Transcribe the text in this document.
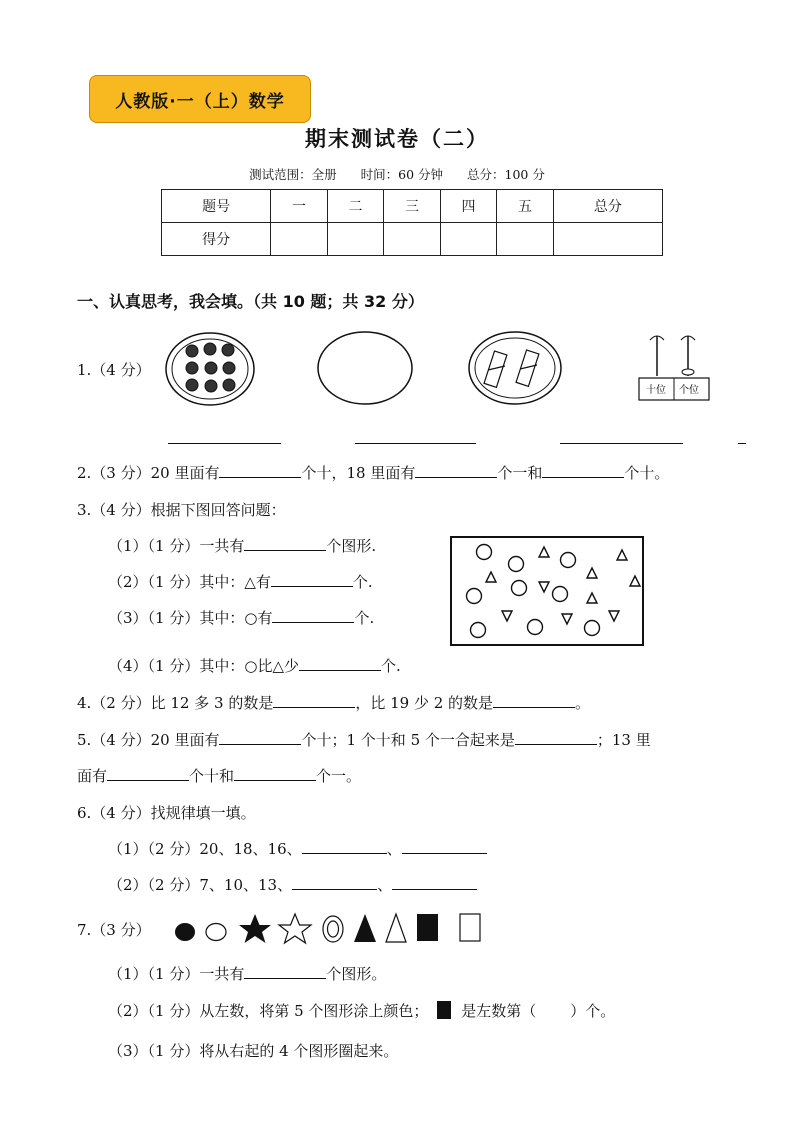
人教版·一（上）数学
期末测试卷（二）
测试范围：全册 时间：60 分钟 总分：100 分
题号	一	二	三	四	五	总分
得分						
一、认真思考，我会填。（共 10 题；共 32 分）
1.（4 分）
十位 个位
2.（3 分）20 里面有	个十，18 里面有	个一和	个十。
3.（4 分）根据下图回答问题：
（1）（1 分）一共有	个图形.
（2）（1 分）其中：△有	个.
（3）（1 分）其中：○有	个.
（4）（1 分）其中：○比△少	个.
4.（2 分）比 12 多 3 的数是	，比 19 少 2 的数是	。
5.（4 分）20 里面有	个十；1 个十和 5 个一合起来是	；13 里
面有	个十和	个一。
6.（4 分）找规律填一填。
（1）（2 分）20、18、16、	、
（2）（2 分）7、10、13、	、
7.（3 分）
（1）（1 分）一共有	个图形。
（2）（1 分）从左数，将第 5 个图形涂上颜色； 是左数第（ ）个。
（3）（1 分）将从右起的 4 个图形圈起来。
